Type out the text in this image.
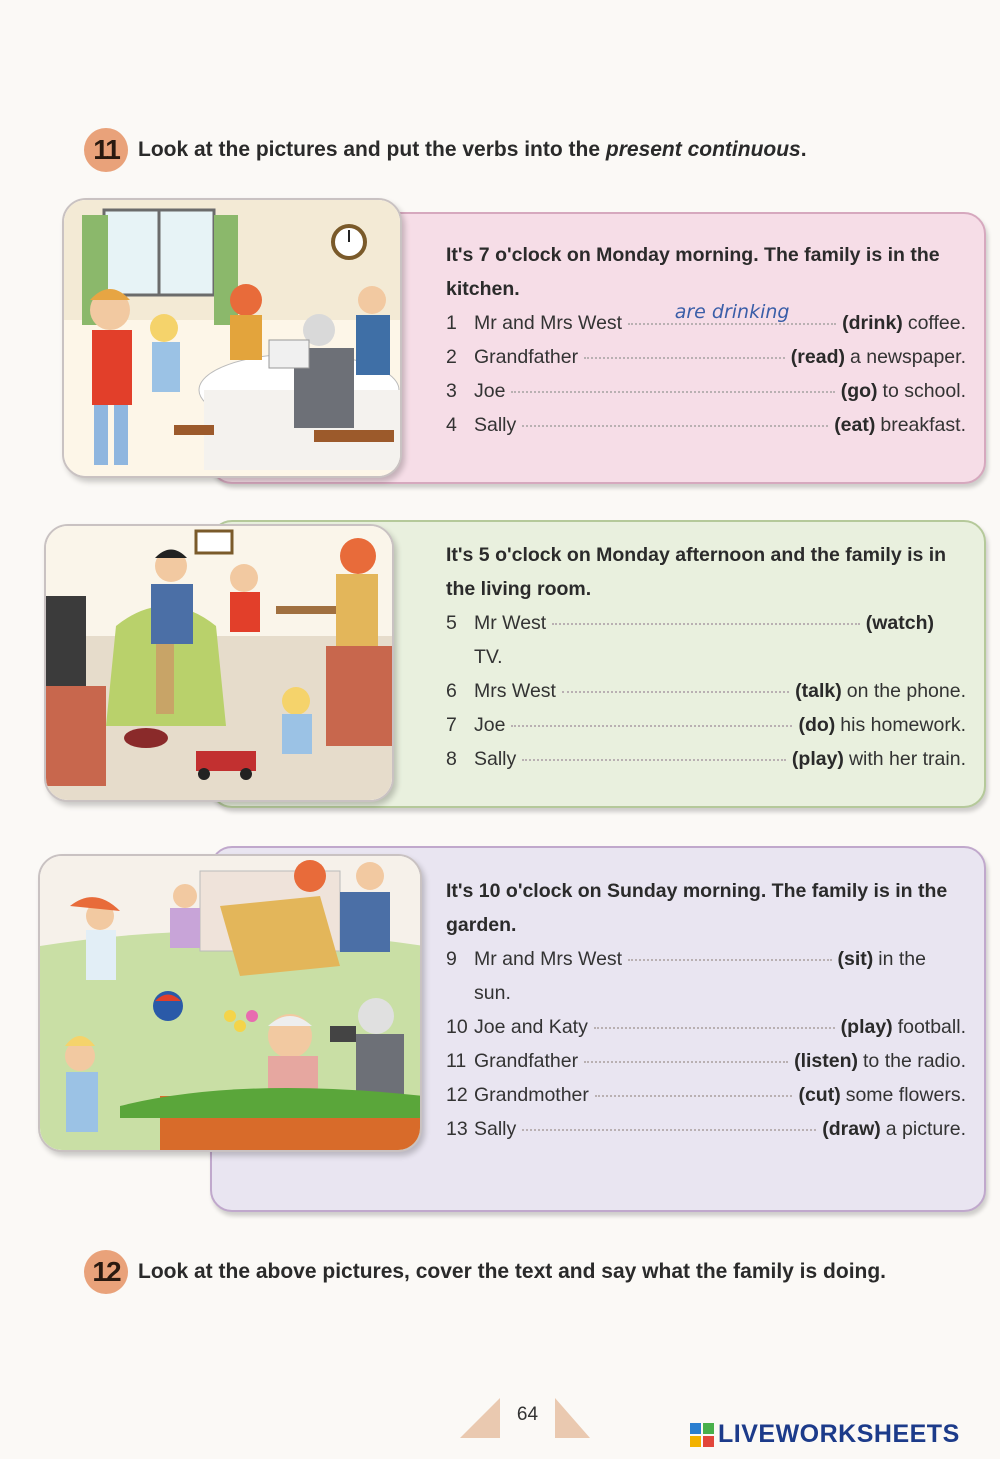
11 Look at the pictures and put the verbs into the present continuous.
It's 7 o'clock on Monday morning. The family is in the kitchen.
1 Mr and Mrs West
are drinking	(drink) coffee.
2 Grandfather	(read) a newspaper.
3 Joe	(go) to school.
4 Sally	(eat) breakfast.
It's 5 o'clock on Monday afternoon and the family is in the living room.
5 Mr West	(watch)
TV.
6 Mrs West	(talk) on the phone.
7 Joe	(do) his homework.
8 Sally	(play) with her train.
It's 10 o'clock on Sunday morning. The family is in the garden.
9 Mr and Mrs West	(sit) in the
sun.
10 Joe and Katy	(play) football.
11 Grandfather	(listen) to the radio.
12 Grandmother	(cut) some flowers.
13 Sally	(draw) a picture.
12 Look at the above pictures, cover the text and say what the family is doing.
64
LIVEWORKSHEETS
